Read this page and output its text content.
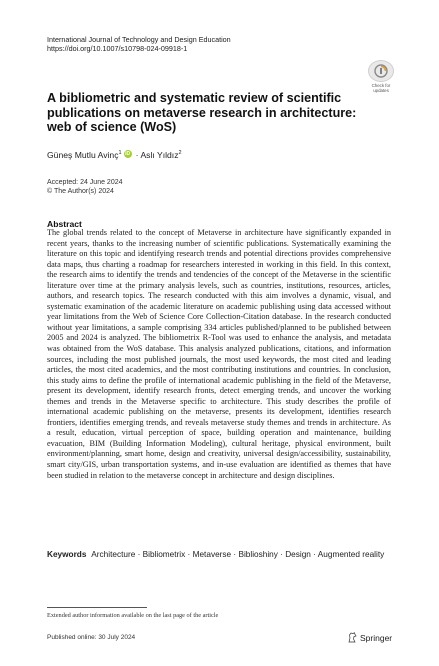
International Journal of Technology and Design Education
https://doi.org/10.1007/s10798-024-09918-1
Check for
updates
A bibliometric and systematic review of scientific publications on metaverse research in architecture: web of science (WoS)
Güneş Mutlu Avinç$^1$ iD · Aslı Yıldız$^2$
Accepted: 24 June 2024
© The Author(s) 2024
Abstract
The global trends related to the concept of Metaverse in architecture have significantly expanded in recent years, thanks to the increasing number of scientific publications. Systematically examining the literature on this topic and identifying research trends and potential directions provides comprehensive data maps, thus charting a roadmap for researchers interested in working in this field. In this context, the research aims to identify the trends and tendencies of the concept of the Metaverse in the scientific literature over time at the primary analysis levels, such as countries, institutions, resources, articles, authors, and research topics. The research conducted with this aim involves a dynamic, visual, and systematic examination of the academic literature on academic publishing using data accessed without year limitations from the Web of Science Core Collection-Citation database. In the research conducted without year limitations, a sample comprising 334 articles published/planned to be published between 2005 and 2024 is analyzed. The bibliometrix R-Tool was used to enhance the analysis, and metadata was obtained from the WoS database. This analysis analyzed publications, citations, and information sources, including the most published journals, the most used keywords, the most cited and leading articles, the most cited academics, and the most contributing institutions and countries. In conclusion, this study aims to define the profile of international academic publishing in the field of the Metaverse, present its development, identify research fronts, detect emerging trends, and uncover the working themes and trends in the Metaverse specific to architecture. This study describes the profile of international academic publishing on the metaverse, presents its development, identifies research frontiers, identifies emerging trends, and reveals metaverse study themes and trends in architecture. As a result, education, virtual perception of space, building operation and maintenance, building evacuation, BIM (Building Information Modeling), cultural heritage, physical environment, built environment/planning, smart home, design and creativity, universal design/accessibility, sustainability, smart city/GIS, urban transportation systems, and in-use evaluation are identified as themes that have been studied in relation to the metaverse concept in architecture and design disciplines.
Keywords Architecture · Bibliometrix · Metaverse · Biblioshiny · Design · Augmented reality
Extended author information available on the last page of the article
Published online: 30 July 2024	Springer
